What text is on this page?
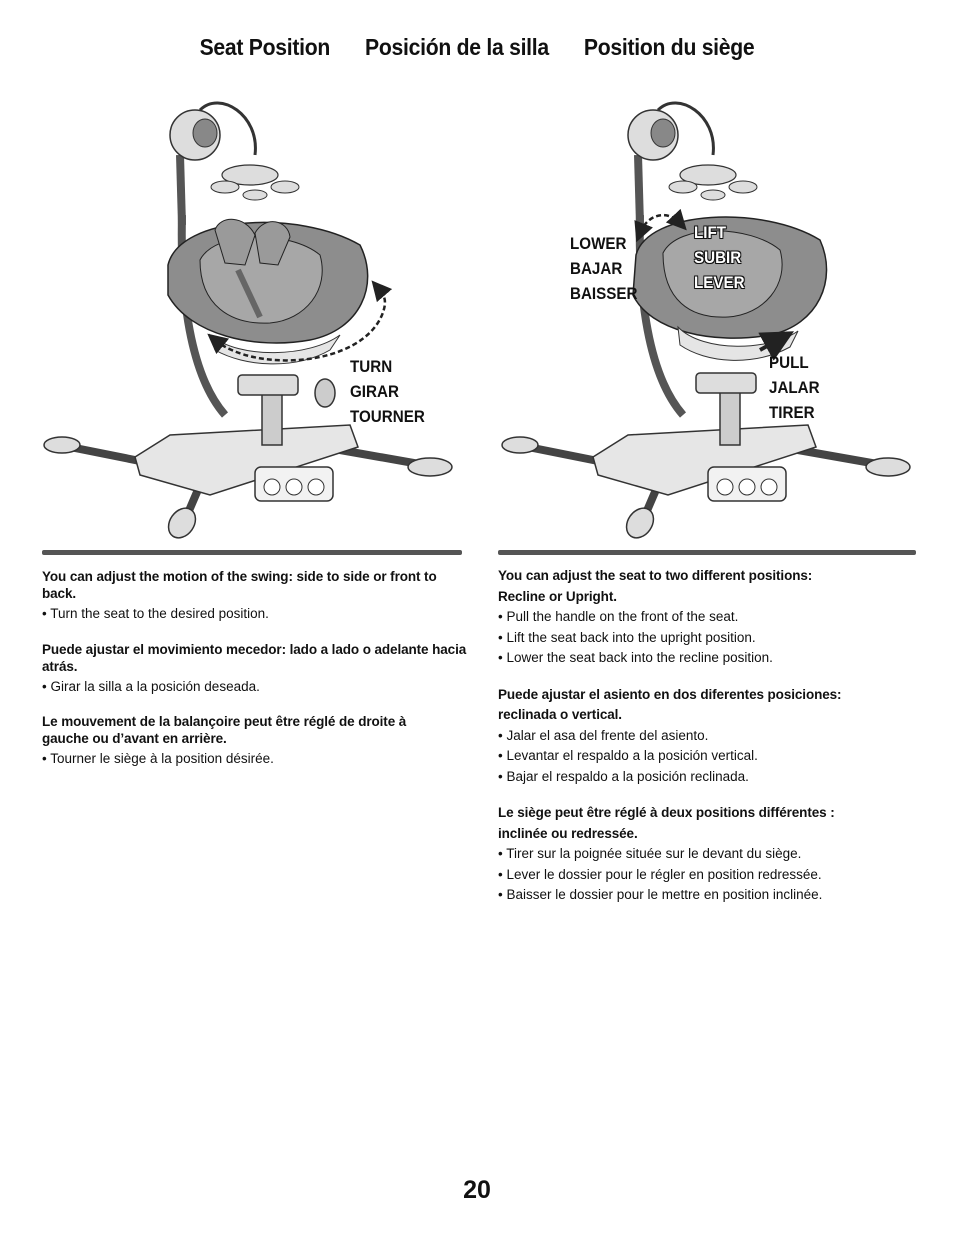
Seat Position Posición de la silla Position du siège
TURN
GIRAR
TOURNER
LOWER
BAJAR
BAISSER
LIFT
SUBIR
LEVER
PULL
JALAR
TIRER
You can adjust the motion of the swing: side to side or front to back.
• Turn the seat to the desired position.
Puede ajustar el movimiento mecedor: lado a lado o adelante hacia atrás.
• Girar la silla a la posición deseada.
Le mouvement de la balançoire peut être réglé de droite à gauche ou d’avant en arrière.
• Tourner le siège à la position désirée.
You can adjust the seat to two different positions:
Recline or Upright.
• Pull the handle on the front of the seat.
• Lift the seat back into the upright position.
• Lower the seat back into the recline position.
Puede ajustar el asiento en dos diferentes posiciones:
reclinada o vertical.
• Jalar el asa del frente del asiento.
• Levantar el respaldo a la posición vertical.
• Bajar el respaldo a la posición reclinada.
Le siège peut être réglé à deux positions différentes :
inclinée ou redressée.
• Tirer sur la poignée située sur le devant du siège.
• Lever le dossier pour le régler en position redressée.
• Baisser le dossier pour le mettre en position inclinée.
20
